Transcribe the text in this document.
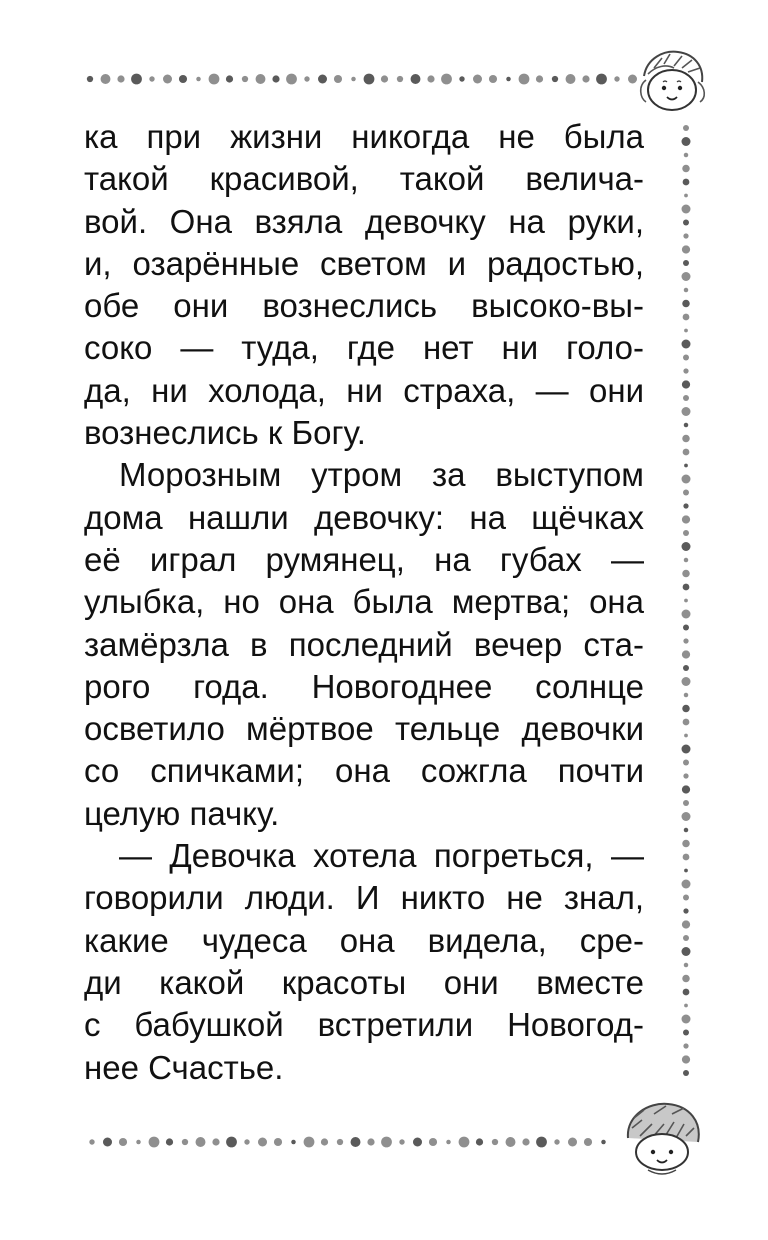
ка при жизни никогда не была
такой красивой, такой велича-
вой. Она взяла девочку на руки,
и, озарённые светом и радостью,
обе они вознеслись высоко-вы-
соко — туда, где нет ни голо-
да, ни холода, ни страха, — они
вознеслись к Богу.
Морозным утром за выступом
дома нашли девочку: на щёчках
её играл румянец, на губах —
улыбка, но она была мертва; она
замёрзла в последний вечер ста-
рого года. Новогоднее солнце
осветило мёртвое тельце девочки
со спичками; она сожгла почти
целую пачку.
— Девочка хотела погреться, —
говорили люди. И никто не знал,
какие чудеса она видела, сре-
ди какой красоты они вместе
с бабушкой встретили Новогод-
нее Счастье.
